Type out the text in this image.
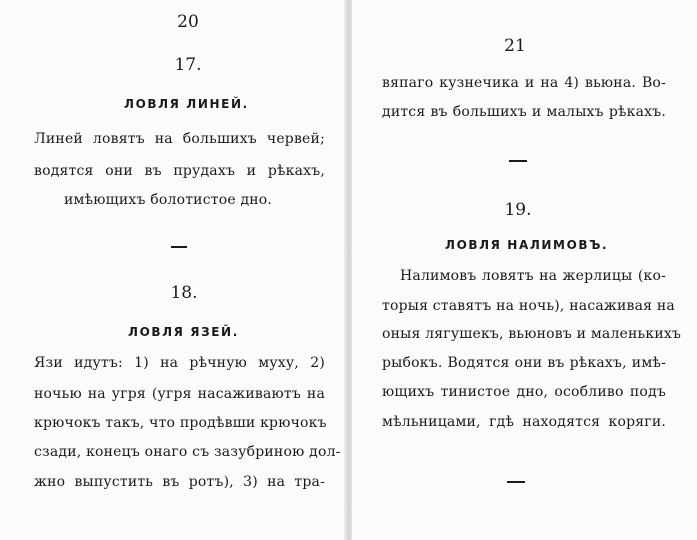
20
17.
ЛОВЛЯ ЛИНЕЙ.
Линей ловятъ на большихъ червей;
водятся они въ прудахъ и рѣкахъ,
имѣющихъ болотистое дно.
18.
ЛОВЛЯ ЯЗЕЙ.
Язи идутъ: 1) на рѣчную муху, 2)
ночью на угря (угря насаживаютъ на
крючокъ такъ, что продѣвши крючокъ
сзади, конецъ онаго съ зазубриною дол-
жно выпустить въ ротъ), 3) на тра-
21
вяпаго кузнечика и на 4) вьюна. Во-
дится въ большихъ и малыхъ рѣкахъ.
19.
ЛОВЛЯ НАЛИМОВЪ.
Налимовъ ловятъ на жерлицы (ко-
торыя ставятъ на ночь), насаживая на
оныя лягушекъ, вьюновъ и маленькихъ
рыбокъ. Водятся они въ рѣкахъ, имѣ-
ющихъ тинистое дно, особливо подъ
мѣльницами, гдѣ находятся коряги.
